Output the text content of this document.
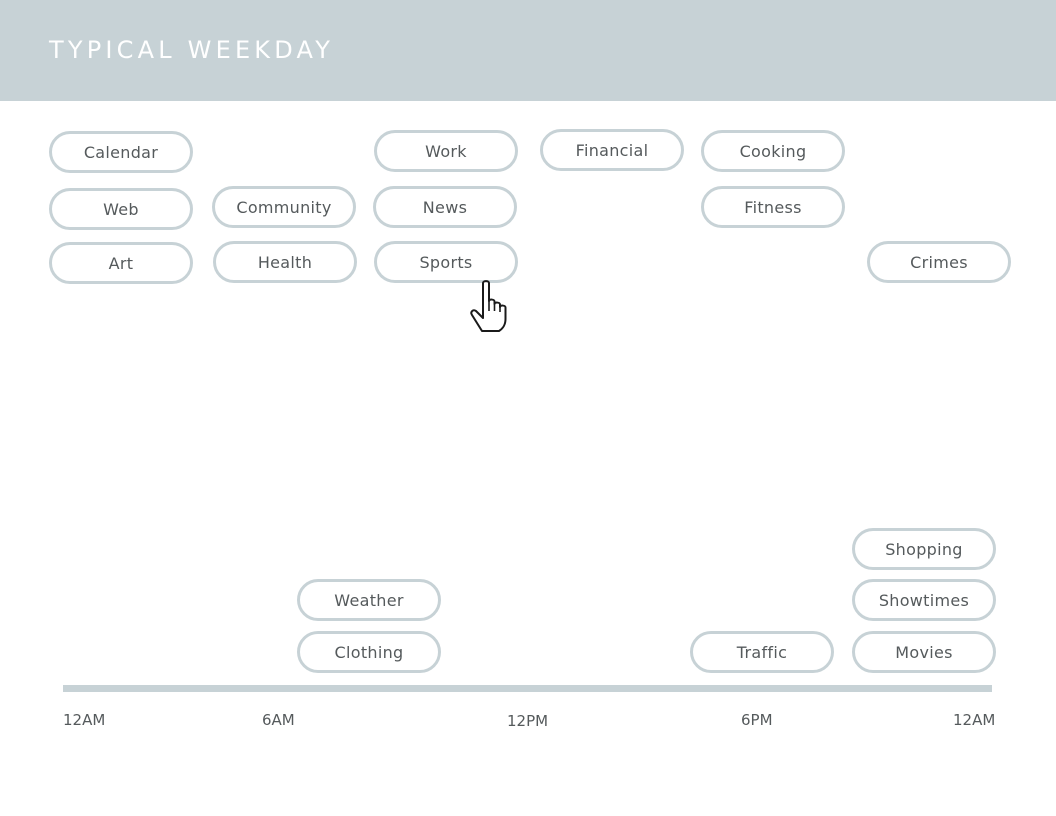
TYPICAL WEEKDAY
Calendar
Web
Art
Community
Health
Work
News
Sports
Financial	Cooking
Fitness
Crimes
Weather
Clothing	Traffic
Shopping
Showtimes
Movies
12AM	6AM	12PM	6PM	12AM
